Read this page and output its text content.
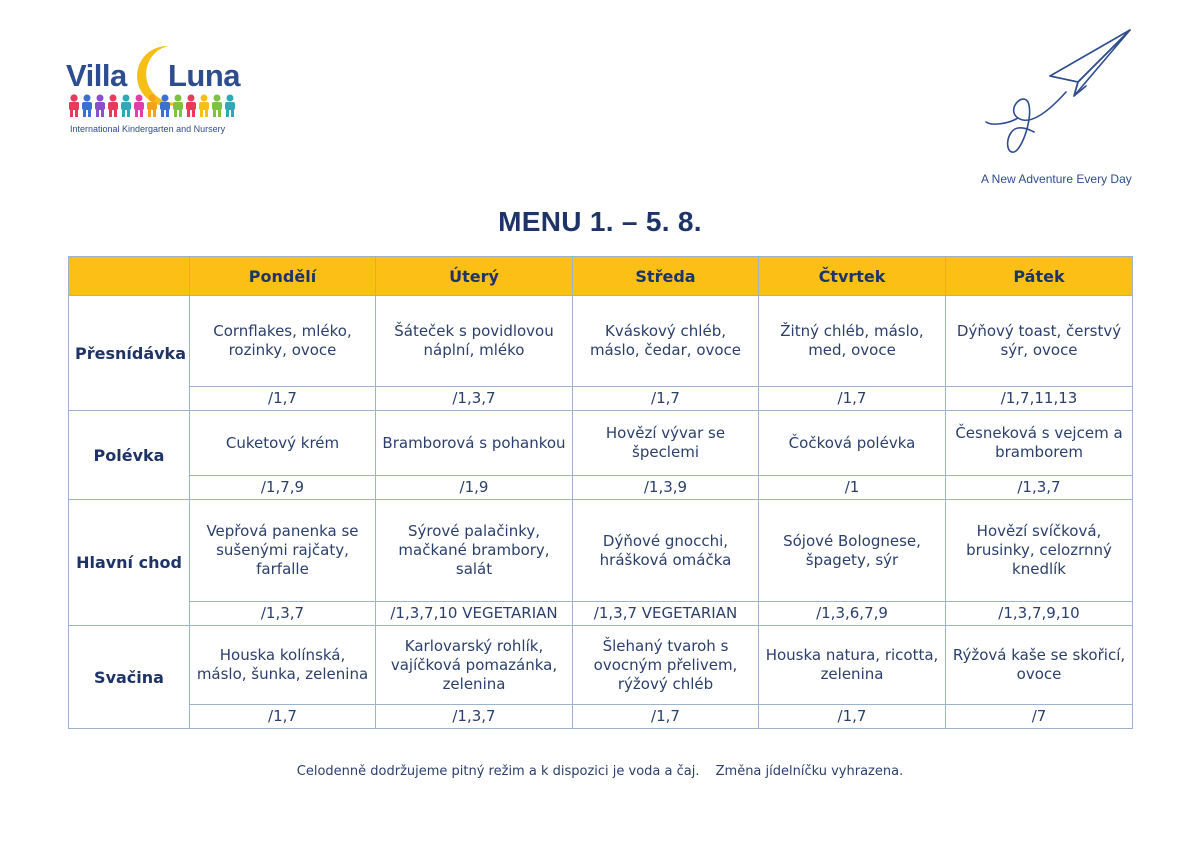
Villa Luna
International Kindergarten and Nursery
A New Adventure Every Day
MENU 1. – 5. 8.
	Pondělí	Úterý	Středa	Čtvrtek	Pátek
Přesnídávka	Cornflakes, mléko, rozinky, ovoce	Šáteček s povidlovou náplní, mléko	Kváskový chléb, máslo, čedar, ovoce	Žitný chléb, máslo, med, ovoce	Dýňový toast, čerstvý sýr, ovoce
	/1,7	/1,3,7	/1,7	/1,7	/1,7,11,13
Polévka	Cuketový krém	Bramborová s pohankou	Hovězí vývar se špeclemi	Čočková polévka	Česneková s vejcem a bramborem
	/1,7,9	/1,9	/1,3,9	/1	/1,3,7
Hlavní chod	Vepřová panenka se sušenými rajčaty, farfalle	Sýrové palačinky, mačkané brambory, salát	Dýňové gnocchi, hrášková omáčka	Sójové Bolognese, špagety, sýr	Hovězí svíčková, brusinky, celozrnný knedlík
	/1,3,7	/1,3,7,10 VEGETARIAN	/1,3,7 VEGETARIAN	/1,3,6,7,9	/1,3,7,9,10
Svačina	Houska kolínská, máslo, šunka, zelenina	Karlovarský rohlík, vajíčková pomazánka, zelenina	Šlehaný tvaroh s ovocným přelivem, rýžový chléb	Houska natura, ricotta, zelenina	Rýžová kaše se skořicí, ovoce
	/1,7	/1,3,7	/1,7	/1,7	/7
Celodenně dodržujeme pitný režim a k dispozici je voda a čaj. Změna jídelníčku vyhrazena.
